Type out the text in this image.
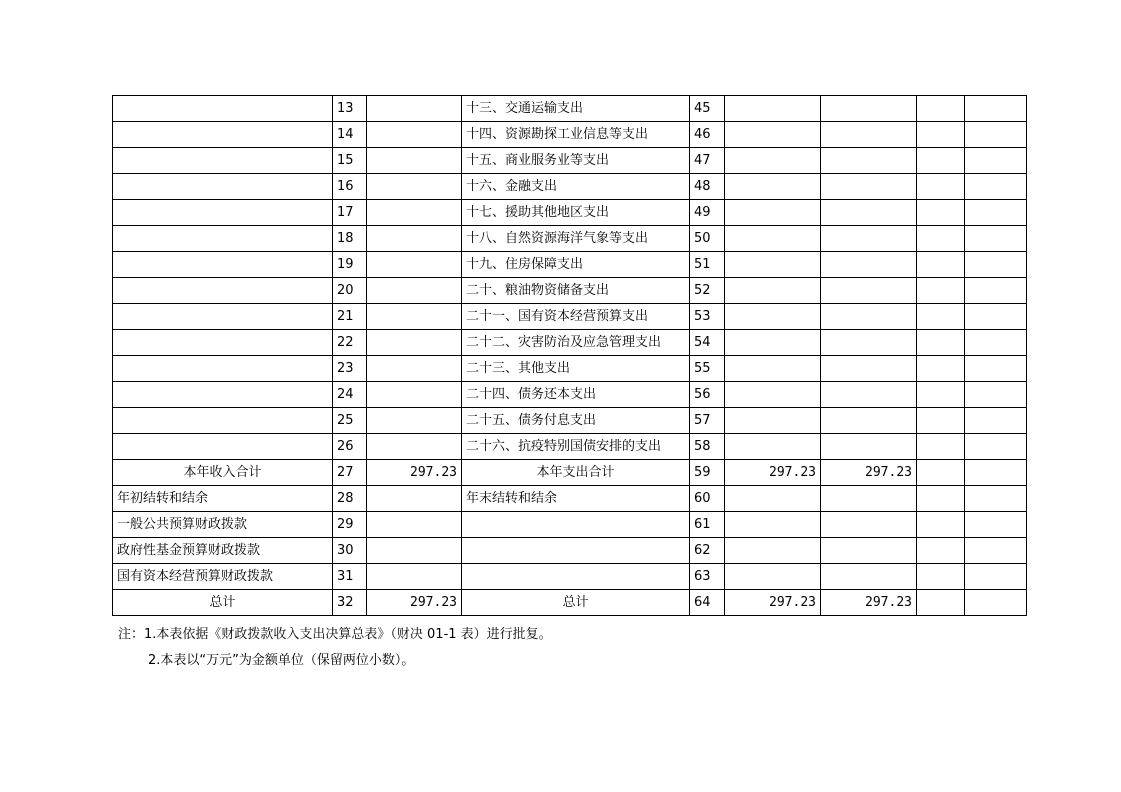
	13		十三、交通运输支出	45				
	14		十四、资源勘探工业信息等支出	46				
	15		十五、商业服务业等支出	47				
	16		十六、金融支出	48				
	17		十七、援助其他地区支出	49				
	18		十八、自然资源海洋气象等支出	50				
	19		十九、住房保障支出	51				
	20		二十、粮油物资储备支出	52				
	21		二十一、国有资本经营预算支出	53				
	22		二十二、灾害防治及应急管理支出	54				
	23		二十三、其他支出	55				
	24		二十四、债务还本支出	56				
	25		二十五、债务付息支出	57				
	26		二十六、抗疫特别国债安排的支出	58				
本年收入合计	27	297.23	本年支出合计	59	297.23	297.23		
年初结转和结余	28		年末结转和结余	60				
一般公共预算财政拨款	29			61				
政府性基金预算财政拨款	30			62				
国有资本经营预算财政拨款	31			63				
总计	32	297.23	总计	64	297.23	297.23		
注：1.本表依据《财政拨款收入支出决算总表》（财决 01-1 表）进行批复。
2.本表以“万元”为金额单位（保留两位小数）。
